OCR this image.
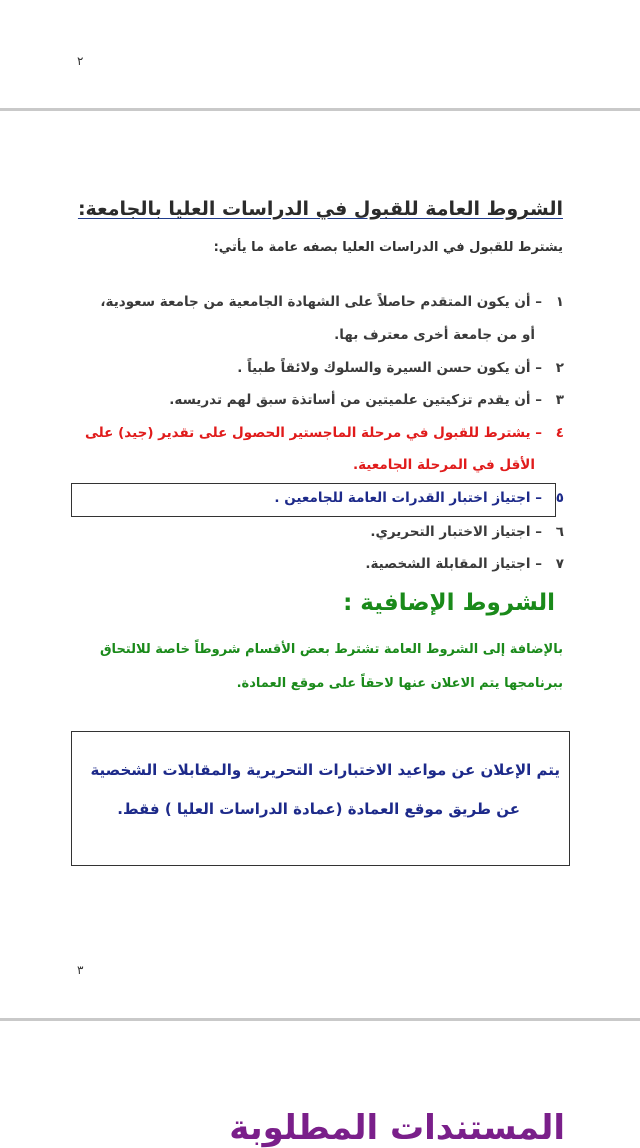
٢
الشروط العامة للقبول في الدراسات العليا بالجامعة:
يشترط للقبول في الدراسات العليا بصفه عامة ما يأتي:
١
– أن يكون المتقدم حاصلاً على الشهادة الجامعية من جامعة سعودية،
أو من جامعة أخرى معترف بها.
٢
– أن يكون حسن السيرة والسلوك ولائقاً طبياً .
٣
– أن يقدم تزكيتين علميتين من أساتذة سبق لهم تدريسه.
٤
– يشترط للقبول في مرحلة الماجستير الحصول على تقدير (جيد) على
الأقل في المرحلة الجامعية.
٥
– اجتياز اختبار القدرات العامة للجامعين .
٦
– اجتياز الاختبار التحريري.
٧
– اجتياز المقابلة الشخصية.
الشروط الإضافية :
بالإضافة إلى الشروط العامة تشترط بعض الأقسام شروطاً خاصة للالتحاق
ببرنامجها يتم الاعلان عنها لاحقاً على موقع العمادة.
يتم الإعلان عن مواعيد الاختبارات التحريرية والمقابلات الشخصية
عن طريق موقع العمادة (عمادة الدراسات العليا ) فقط.
٣
المستندات المطلوبة
